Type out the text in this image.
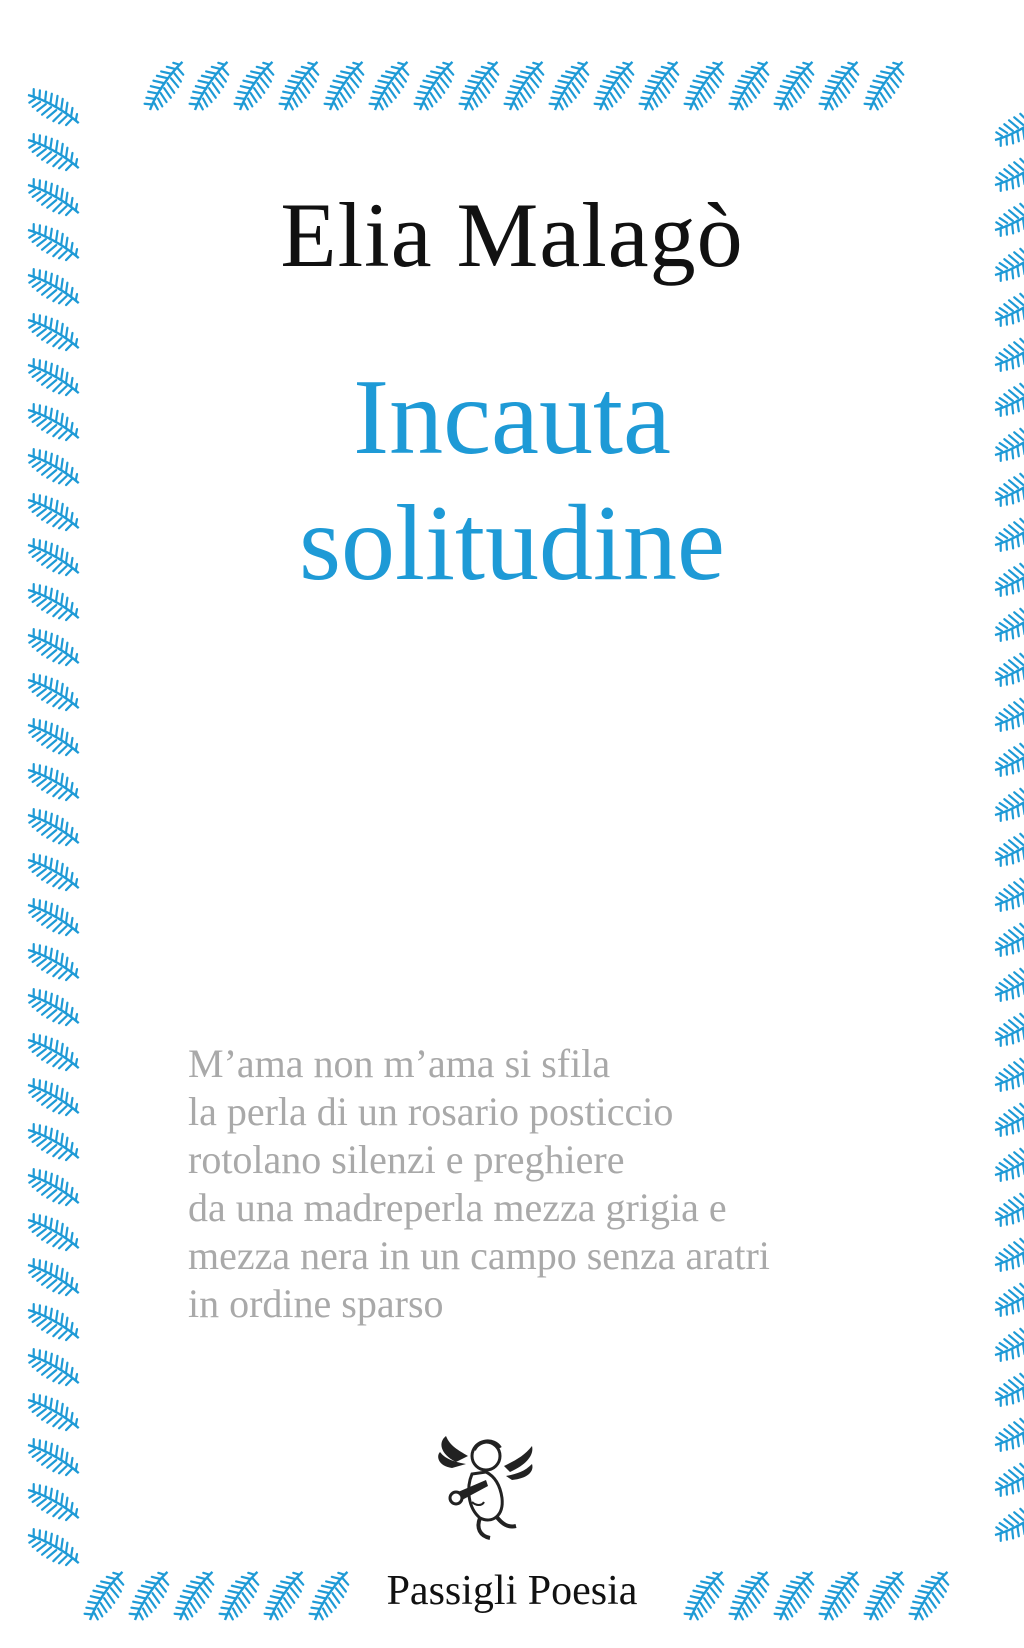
Elia Malagò
Incauta
solitudine
M’ama non m’ama si sfila
la perla di un rosario posticcio
rotolano silenzi e preghiere
da una madreperla mezza grigia e
mezza nera in un campo senza aratri
in ordine sparso
Passigli Poesia
